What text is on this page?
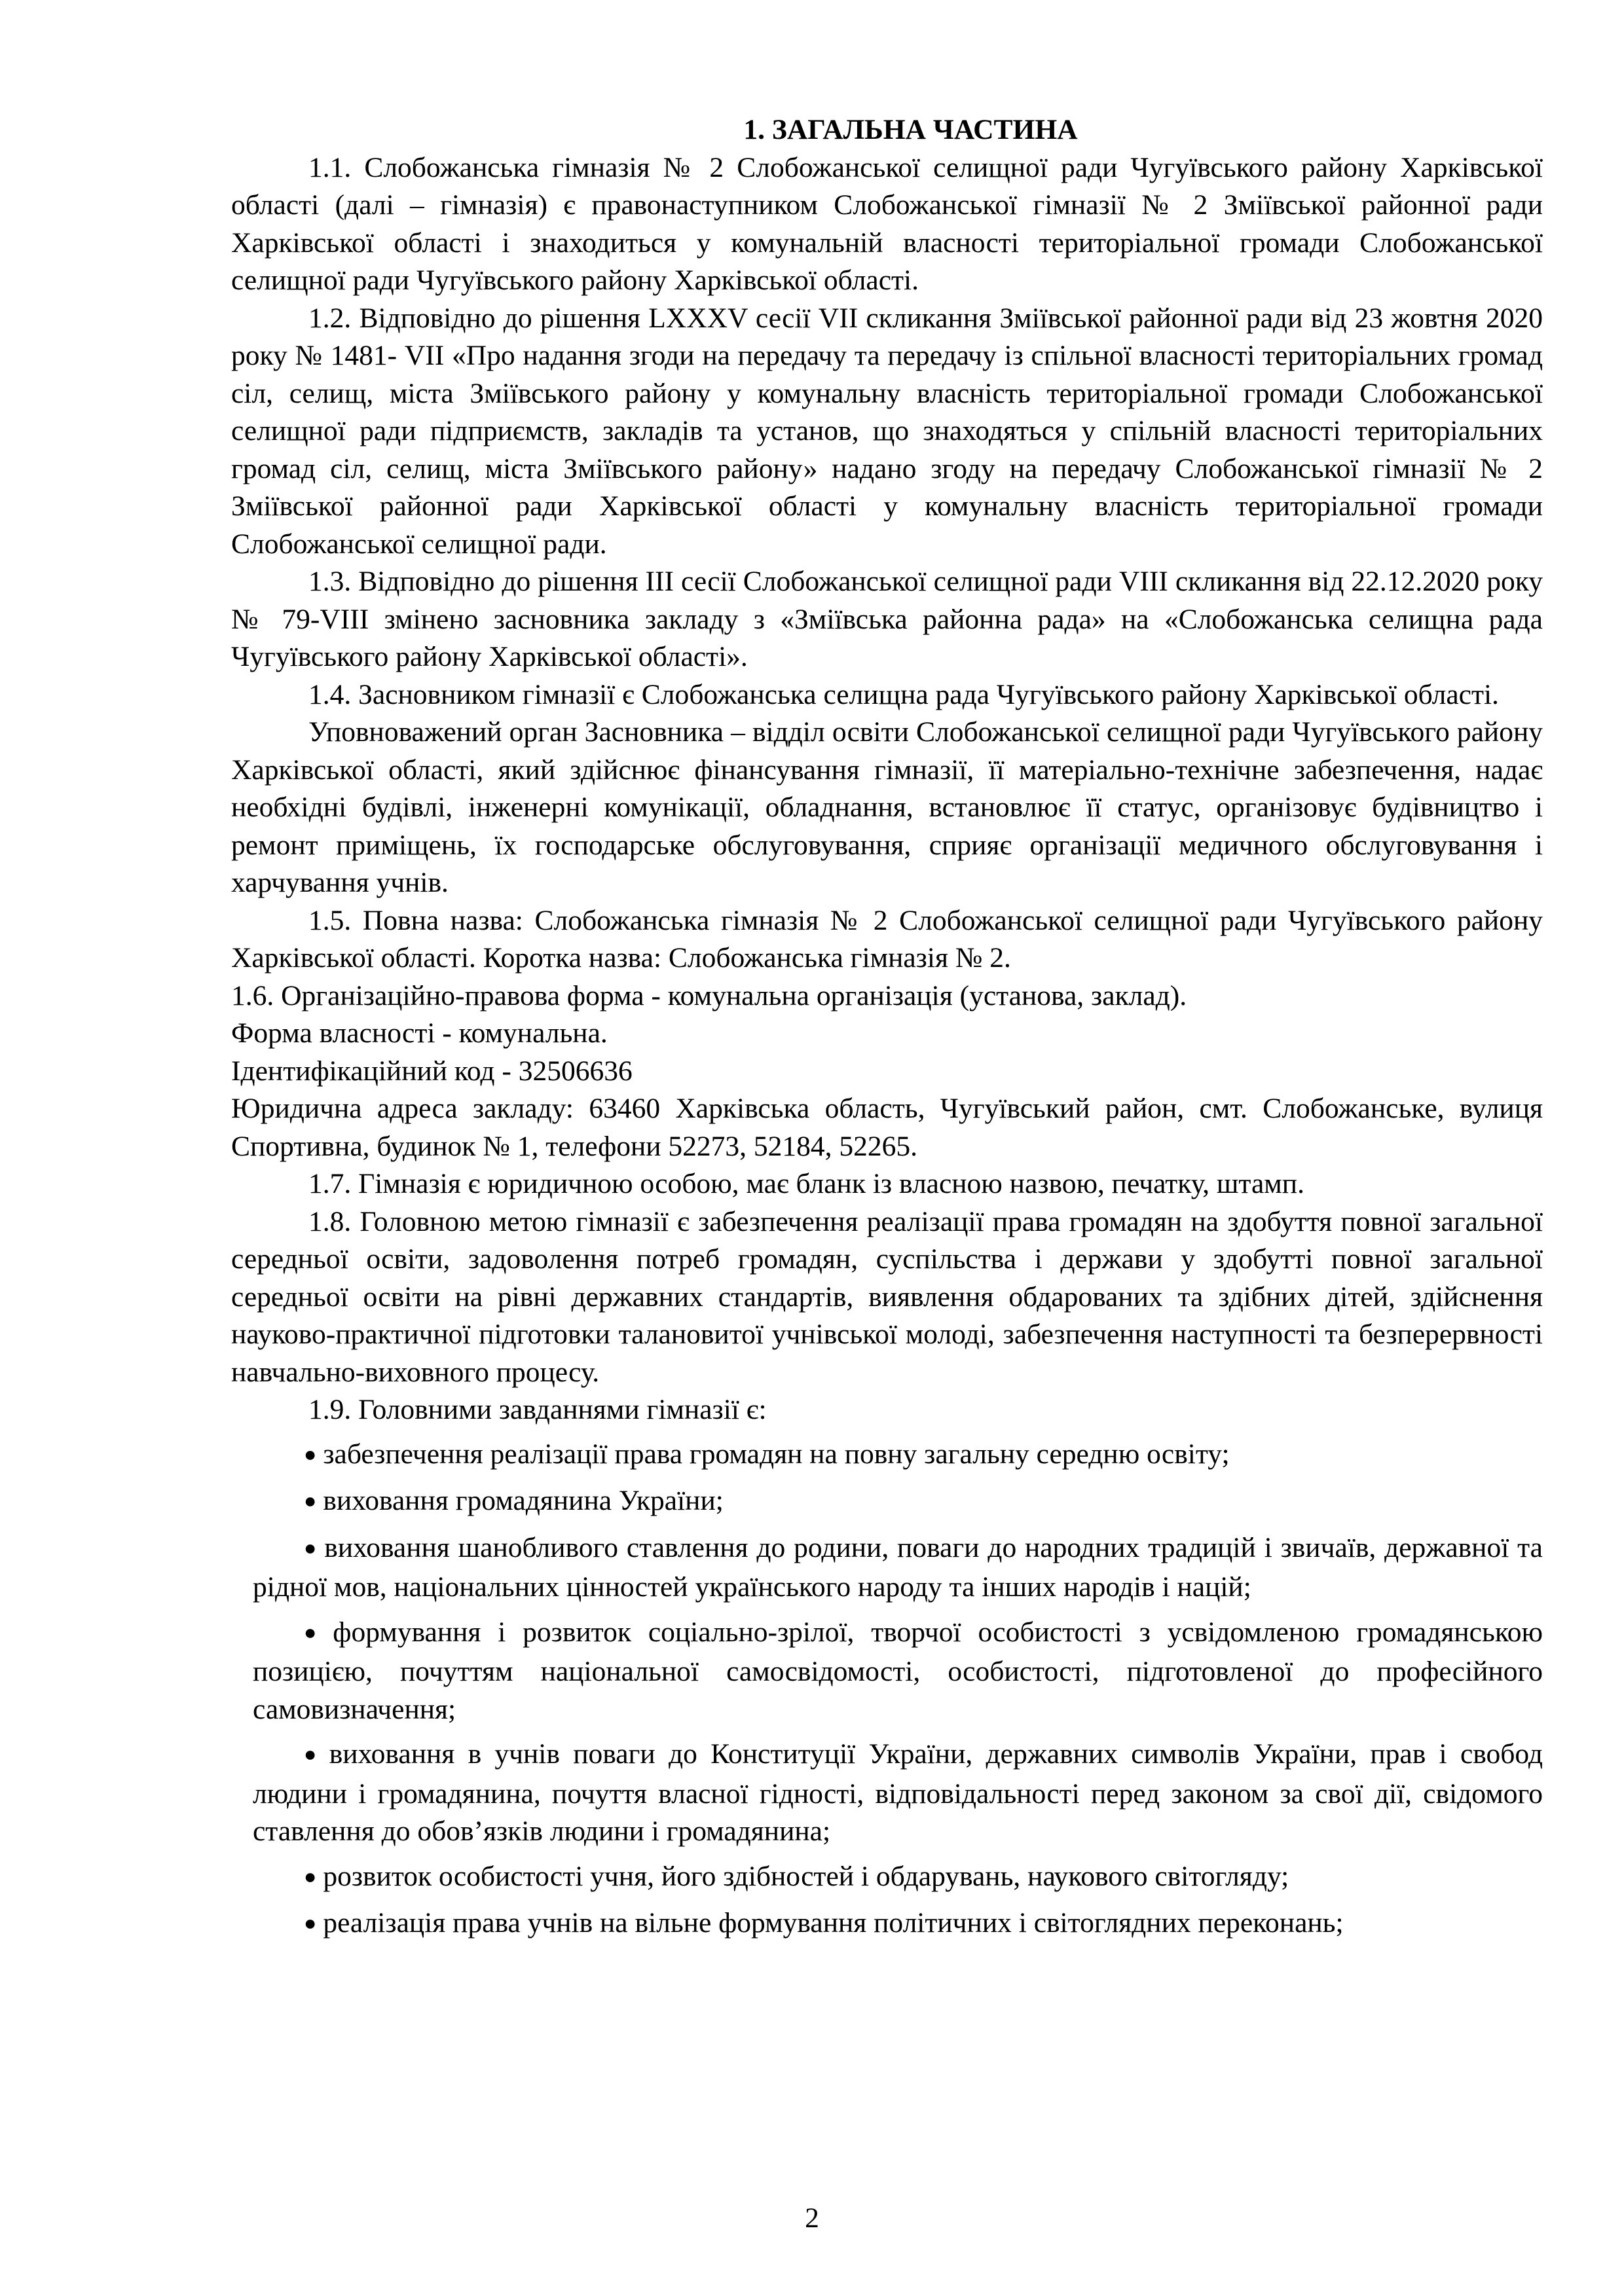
1. ЗАГАЛЬНА ЧАСТИНА

1.1. Слобожанська гімназія № 2 Слобожанської селищної ради Чугуївського району Харківської області (далі – гімназія) є правонаступником Слобожанської гімназії № 2 Зміївської районної ради Харківської області і знаходиться у комунальній власності територіальної громади Слобожанської селищної ради Чугуївського району Харківської області.

1.2. Відповідно до рішення LXXXV сесії VII скликання Зміївської районної ради від 23 жовтня 2020 року № 1481- VII «Про надання згоди на передачу та передачу із спільної власності територіальних громад сіл, селищ, міста Зміївського району у комунальну власність територіальної громади Слобожанської селищної ради підприємств, закладів та установ, що знаходяться у спільній власності територіальних громад сіл, селищ, міста Зміївського району» надано згоду на передачу Слобожанської гімназії № 2 Зміївської районної ради Харківської області у комунальну власність територіальної громади Слобожанської селищної ради.

1.3. Відповідно до рішення III сесії Слобожанської селищної ради VIII скликання від 22.12.2020 року № 79-VIII змінено засновника закладу з «Зміївська районна рада» на «Слобожанська селищна рада Чугуївського району Харківської області».

1.4. Засновником гімназії є Слобожанська селищна рада Чугуївського району Харківської області.

Уповноважений орган Засновника – відділ освіти Слобожанської селищної ради Чугуївського району Харківської області, який здійснює фінансування гімназії, її матеріально-технічне забезпечення, надає необхідні будівлі, інженерні комунікації, обладнання, встановлює її статус, організовує будівництво і ремонт приміщень, їх господарське обслуговування, сприяє організації медичного обслуговування і харчування учнів.

1.5. Повна назва: Слобожанська гімназія № 2 Слобожанської селищної ради Чугуївського району Харківської області. Коротка назва: Слобожанська гімназія № 2.

1.6. Організаційно-правова форма - комунальна організація (установа, заклад).

Форма власності - комунальна.

Ідентифікаційний код - 32506636

Юридична адреса закладу: 63460 Харківська область, Чугуївський район, смт. Слобожанське, вулиця Спортивна, будинок № 1, телефони 52273, 52184, 52265.

1.7. Гімназія є юридичною особою, має бланк із власною назвою, печатку, штамп.

1.8. Головною метою гімназії є забезпечення реалізації права громадян на здобуття повної загальної середньої освіти, задоволення потреб громадян, суспільства і держави у здобутті повної загальної середньої освіти на рівні державних стандартів, виявлення обдарованих та здібних дітей, здійснення науково-практичної підготовки талановитої учнівської молоді, забезпечення наступності та безперервності навчально-виховного процесу.

1.9. Головними завданнями гімназії є:

● забезпечення реалізації права громадян на повну загальну середню освіту;
● виховання громадянина України;
● виховання шанобливого ставлення до родини, поваги до народних традицій і звичаїв, державної та рідної мов, національних цінностей українського народу та інших народів і націй;
● формування і розвиток соціально-зрілої, творчої особистості з усвідомленою громадянською позицією, почуттям національної самосвідомості, особистості, підготовленої до професійного самовизначення;
● виховання в учнів поваги до Конституції України, державних символів України, прав і свобод людини і громадянина, почуття власної гідності, відповідальності перед законом за свої дії, свідомого ставлення до обов’язків людини і громадянина;
● розвиток особистості учня, його здібностей і обдарувань, наукового світогляду;
● реалізація права учнів на вільне формування політичних і світоглядних переконань;
2
